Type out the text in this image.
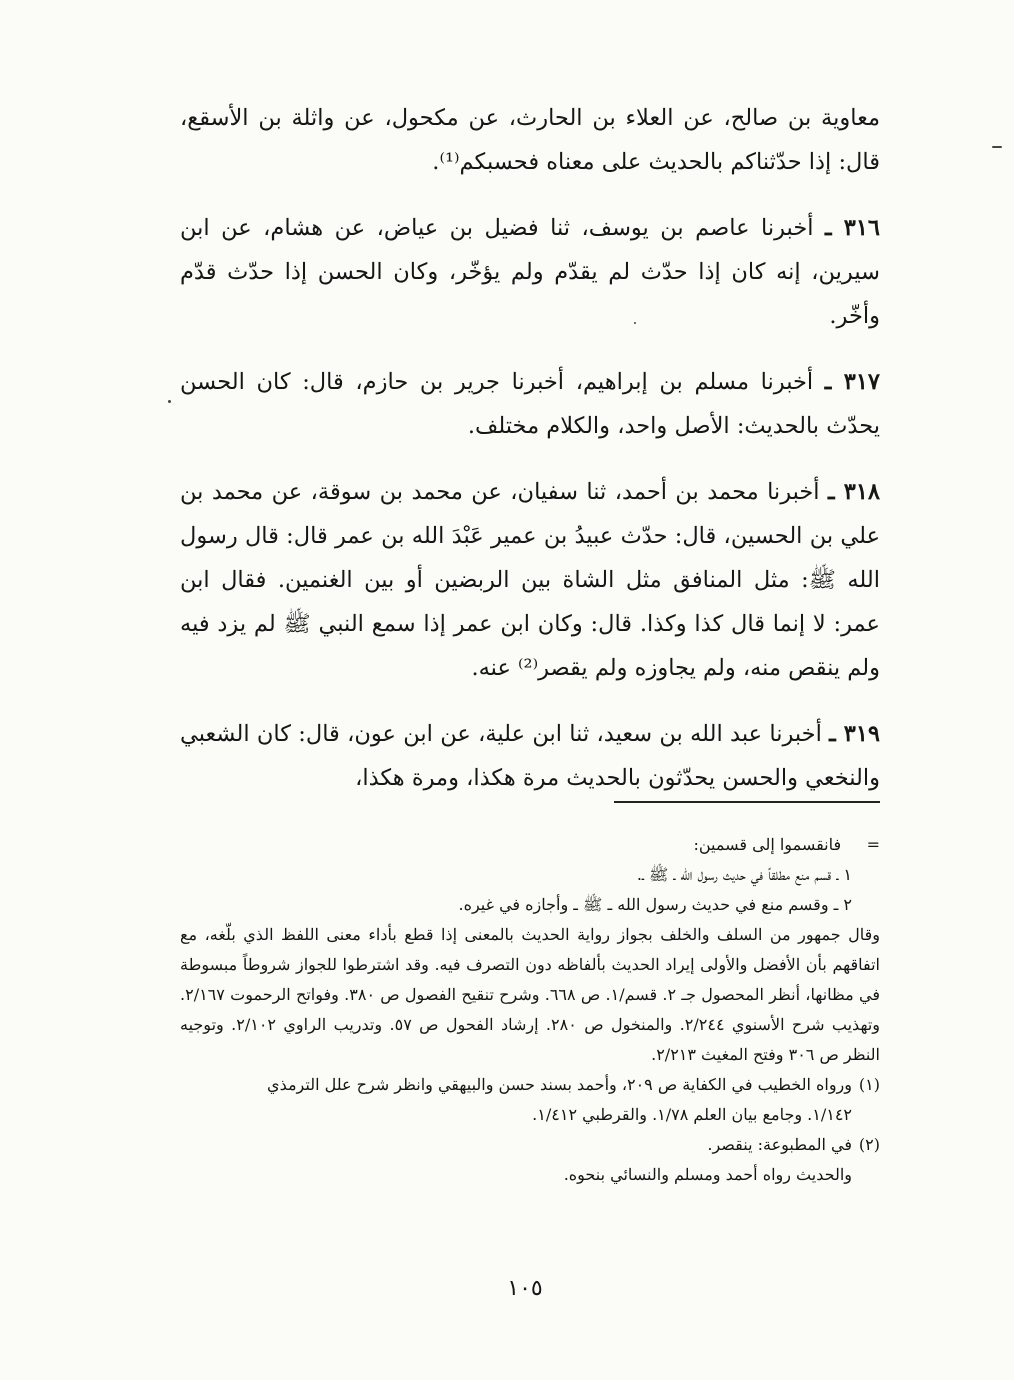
معاوية بن صالح، عن العلاء بن الحارث، عن مكحول، عن واثلة بن الأسقع، قال: إذا حدّثناكم بالحديث على معناه فحسبكم⁽¹⁾.

٣١٦ ـ أخبرنا عاصم بن يوسف، ثنا فضيل بن عياض، عن هشام، عن ابن سيرين، إنه كان إذا حدّث لم يقدّم ولم يؤخّر، وكان الحسن إذا حدّث قدّم وأخّر.

٣١٧ ـ أخبرنا مسلم بن إبراهيم، أخبرنا جرير بن حازم، قال: كان الحسن يحدّث بالحديث: الأصل واحد، والكلام مختلف.

٣١٨ ـ أخبرنا محمد بن أحمد، ثنا سفيان، عن محمد بن سوقة، عن محمد بن علي بن الحسين، قال: حدّث عبيدُ بن عمير عَبْدَ الله بن عمر قال: قال رسول الله ﷺ: مثل المنافق مثل الشاة بين الربضين أو بين الغنمين. فقال ابن عمر: لا إنما قال كذا وكذا. قال: وكان ابن عمر إذا سمع النبي ﷺ لم يزد فيه ولم ينقص منه، ولم يجاوزه ولم يقصر⁽²⁾ عنه.

٣١٩ ـ أخبرنا عبد الله بن سعيد، ثنا ابن علية، عن ابن عون، قال: كان الشعبي والنخعي والحسن يحدّثون بالحديث مرة هكذا، ومرة هكذا،

=     فانقسموا إلى قسمين:

١ ـ قسم منع مطلقاً في حديث رسول الله ـ ﷺ ـ.

٢ ـ وقسم منع في حديث رسول الله ـ ﷺ ـ وأجازه في غيره.

وقال جمهور من السلف والخلف بجواز رواية الحديث بالمعنى إذا قطع بأداء معنى اللفظ الذي بلّغه، مع اتفاقهم بأن الأفضل والأولى إيراد الحديث بألفاظه دون التصرف فيه. وقد اشترطوا للجواز شروطاً مبسوطة في مظانها، أنظر المحصول جـ ٢. قسم/١. ص ٦٦٨. وشرح تنقيح الفصول ص ٣٨٠. وفواتح الرحموت ٢/١٦٧. وتهذيب شرح الأسنوي ٢/٢٤٤. والمنخول ص ٢٨٠. إرشاد الفحول ص ٥٧. وتدريب الراوي ٢/١٠٢. وتوجيه النظر ص ٣٠٦ وفتح المغيث ٢/٢١٣.

(١)

ورواه الخطيب في الكفاية ص ٢٠٩، وأحمد بسند حسن والبيهقي وانظر شرح علل الترمذي

١/١٤٢. وجامع بيان العلم ١/٧٨. والقرطبي ١/٤١٢.

(٢)

في المطبوعة: ينقصر.

والحديث رواه أحمد ومسلم والنسائي بنحوه.

١٠٥
